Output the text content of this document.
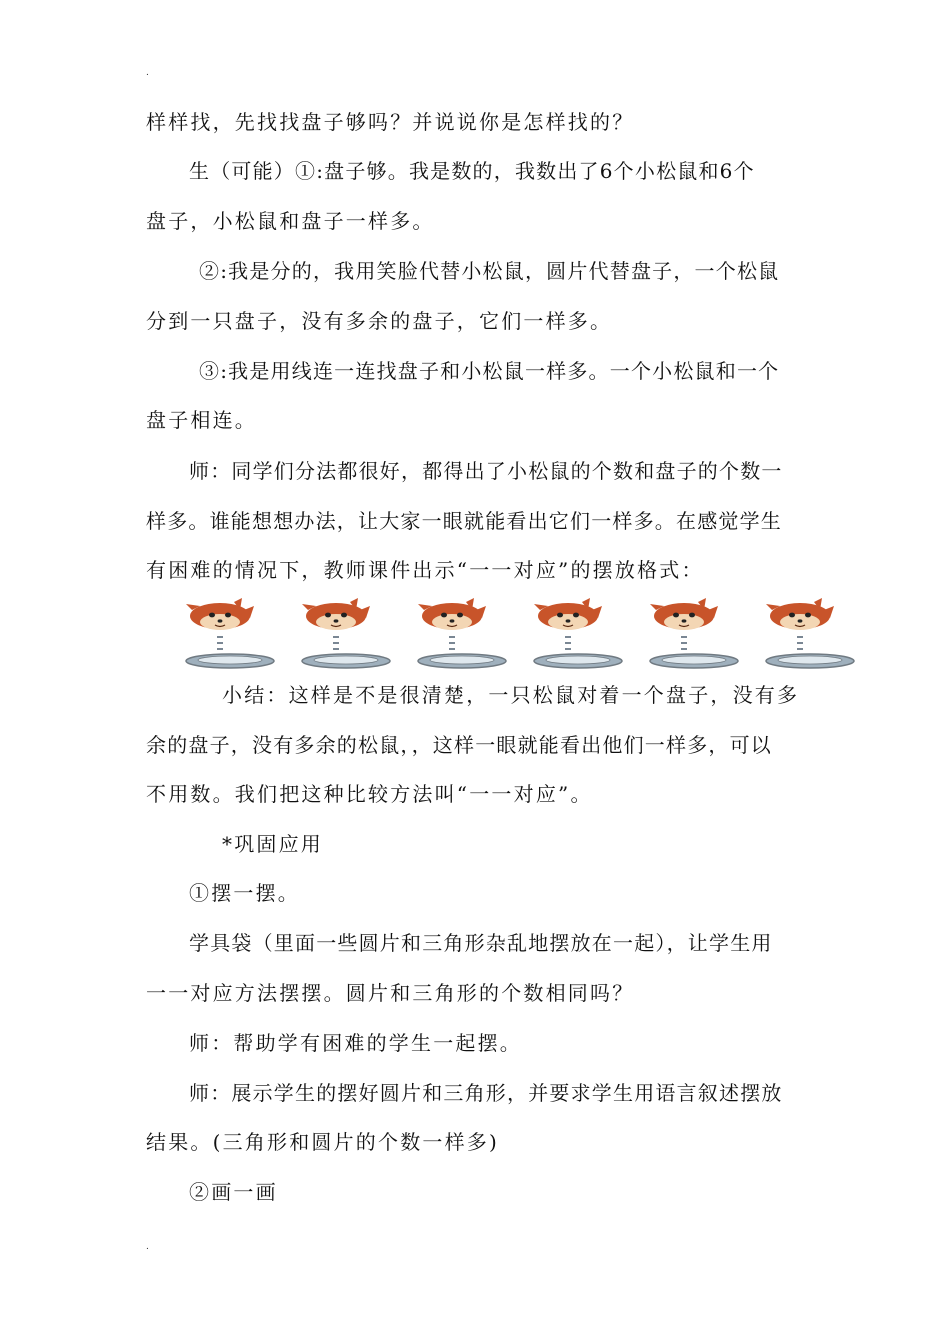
.
样样找，先找找盘子够吗？并说说你是怎样找的？
生（可能）①:盘子够。我是数的，我数出了6个小松鼠和6个
盘子，小松鼠和盘子一样多。
②:我是分的，我用笑脸代替小松鼠，圆片代替盘子，一个松鼠
分到一只盘子，没有多余的盘子，它们一样多。
③:我是用线连一连找盘子和小松鼠一样多。一个小松鼠和一个
盘子相连。
师：同学们分法都很好，都得出了小松鼠的个数和盘子的个数一
样多。谁能想想办法，让大家一眼就能看出它们一样多。在感觉学生
有困难的情况下，教师课件出示“一一对应”的摆放格式：
小结：这样是不是很清楚，一只松鼠对着一个盘子，没有多
余的盘子，没有多余的松鼠，，这样一眼就能看出他们一样多，可以
不用数。我们把这种比较方法叫“一一对应”。
*巩固应用
①摆一摆。
学具袋（里面一些圆片和三角形杂乱地摆放在一起），让学生用
一一对应方法摆摆。圆片和三角形的个数相同吗？
师：帮助学有困难的学生一起摆。
师：展示学生的摆好圆片和三角形，并要求学生用语言叙述摆放
结果。(三角形和圆片的个数一样多)
②画一画
.
